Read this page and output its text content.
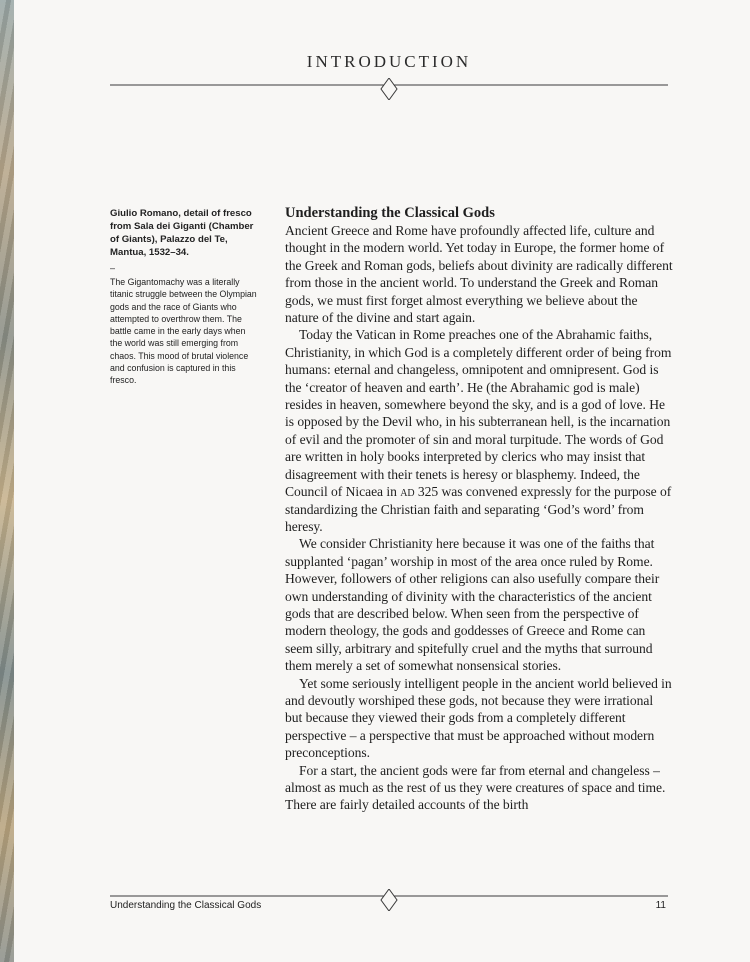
INTRODUCTION

Giulio Romano, detail of fresco from Sala dei Giganti (Chamber of Giants), Palazzo del Te, Mantua, 1532–34.

–

The Gigantomachy was a literally titanic struggle between the Olympian gods and the race of Giants who attempted to overthrow them. The battle came in the early days when the world was still emerging from chaos. This mood of brutal violence and confusion is captured in this fresco.

Understanding the Classical Gods

Ancient Greece and Rome have profoundly affected life, culture and thought in the modern world. Yet today in Europe, the former home of the Greek and Roman gods, beliefs about divinity are radically different from those in the ancient world. To understand the Greek and Roman gods, we must first forget almost everything we believe about the nature of the divine and start again.

Today the Vatican in Rome preaches one of the Abrahamic faiths, Christianity, in which God is a completely different order of being from humans: eternal and changeless, omnipotent and omnipresent. God is the ‘creator of heaven and earth’. He (the Abrahamic god is male) resides in heaven, somewhere beyond the sky, and is a god of love. He is opposed by the Devil who, in his subterranean hell, is the incarnation of evil and the promoter of sin and moral turpitude. The words of God are written in holy books interpreted by clerics who may insist that disagreement with their tenets is heresy or blasphemy. Indeed, the Council of Nicaea in ad 325 was convened expressly for the purpose of standardizing the Christian faith and separating ‘God’s word’ from heresy.

We consider Christianity here because it was one of the faiths that supplanted ‘pagan’ worship in most of the area once ruled by Rome. However, followers of other religions can also usefully compare their own understanding of divinity with the characteristics of the ancient gods that are described below. When seen from the perspective of modern theology, the gods and goddesses of Greece and Rome can seem silly, arbitrary and spitefully cruel and the myths that surround them merely a set of somewhat nonsensical stories.

Yet some seriously intelligent people in the ancient world believed in and devoutly worshiped these gods, not because they were irrational but because they viewed their gods from a completely different perspective – a perspective that must be approached without modern preconceptions.

For a start, the ancient gods were far from eternal and changeless – almost as much as the rest of us they were creatures of space and time. There are fairly detailed accounts of the birth

Understanding the Classical Gods	11
